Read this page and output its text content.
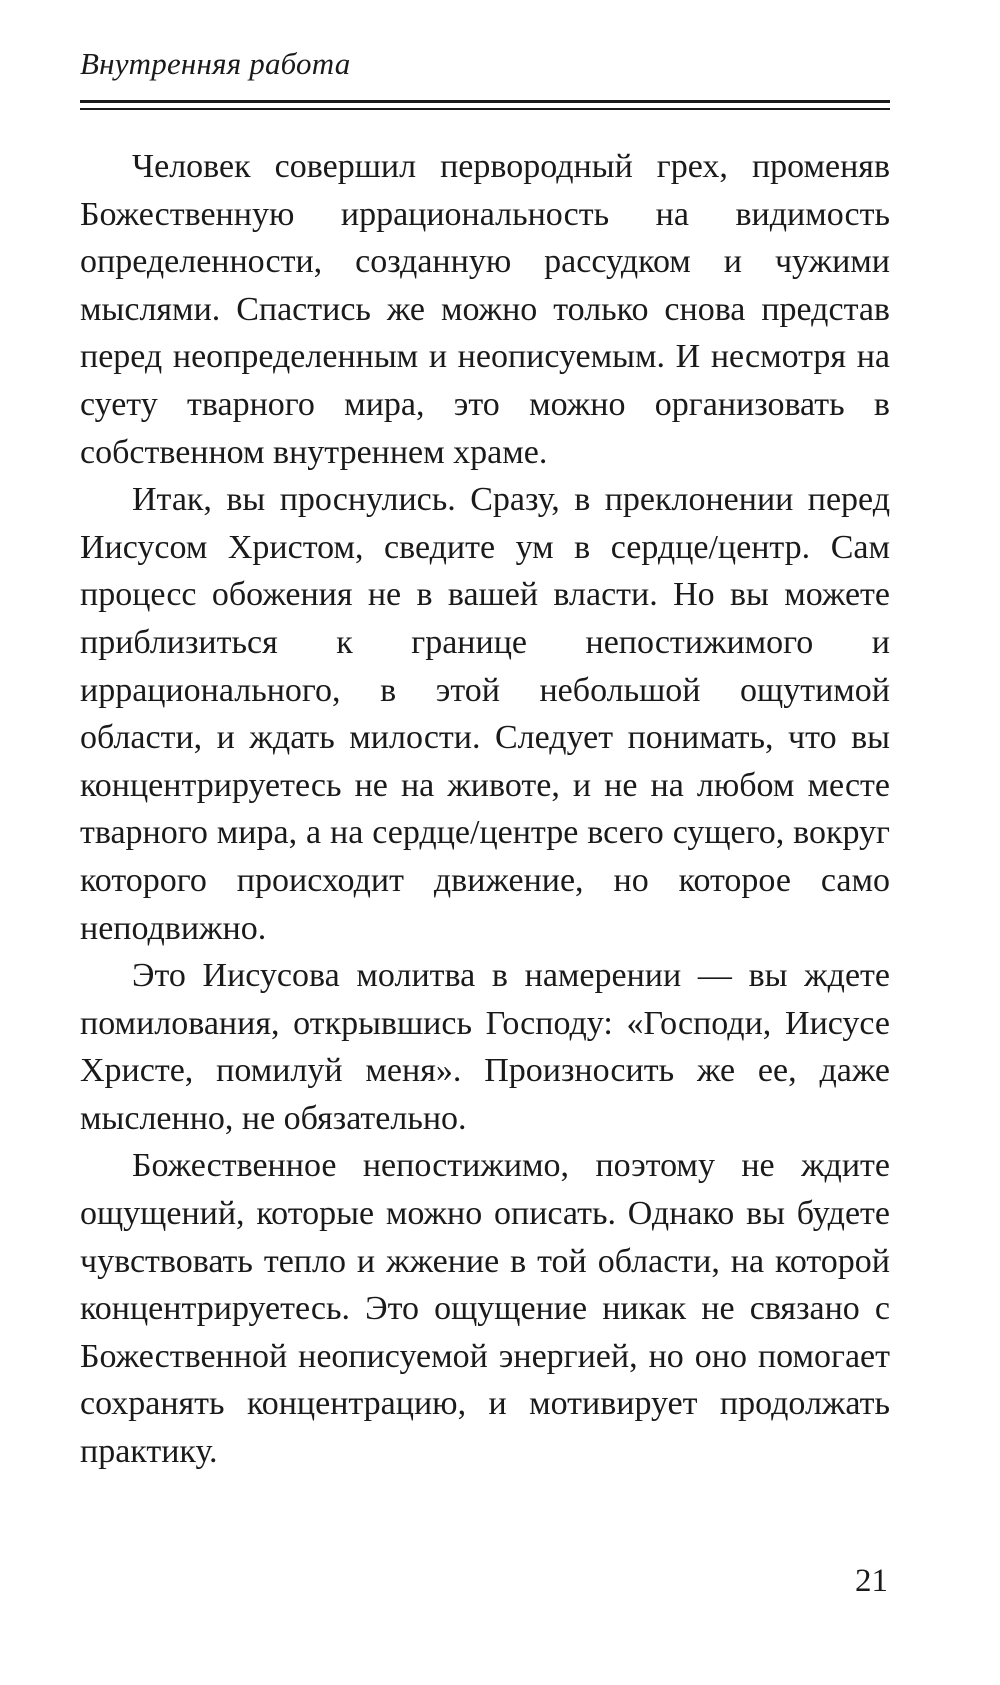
Внутренняя работа

Человек совершил первородный грех, променяв Божественную иррациональность на видимость определенности, созданную рассудком и чужими мыслями. Спастись же можно только снова представ перед неопределенным и неописуемым. И несмотря на суету тварного мира, это можно организовать в собственном внутреннем храме.

Итак, вы проснулись. Сразу, в преклонении перед Иисусом Христом, сведите ум в сердце/центр. Сам процесс обожения не в вашей власти. Но вы можете приблизиться к границе непостижимого и иррационального, в этой небольшой ощутимой области, и ждать милости. Следует понимать, что вы концентрируетесь не на животе, и не на любом месте тварного мира, а на сердце/центре всего сущего, вокруг которого происходит движение, но которое само неподвижно.

Это Иисусова молитва в намерении — вы ждете помилования, открывшись Господу: «Господи, Иисусе Христе, помилуй меня». Произносить же ее, даже мысленно, не обязательно.

Божественное непостижимо, поэтому не ждите ощущений, которые можно описать. Однако вы будете чувствовать тепло и жжение в той области, на которой концентрируетесь. Это ощущение никак не связано с Божественной неописуемой энергией, но оно помогает сохранять концентрацию, и мотивирует продолжать практику.

21
